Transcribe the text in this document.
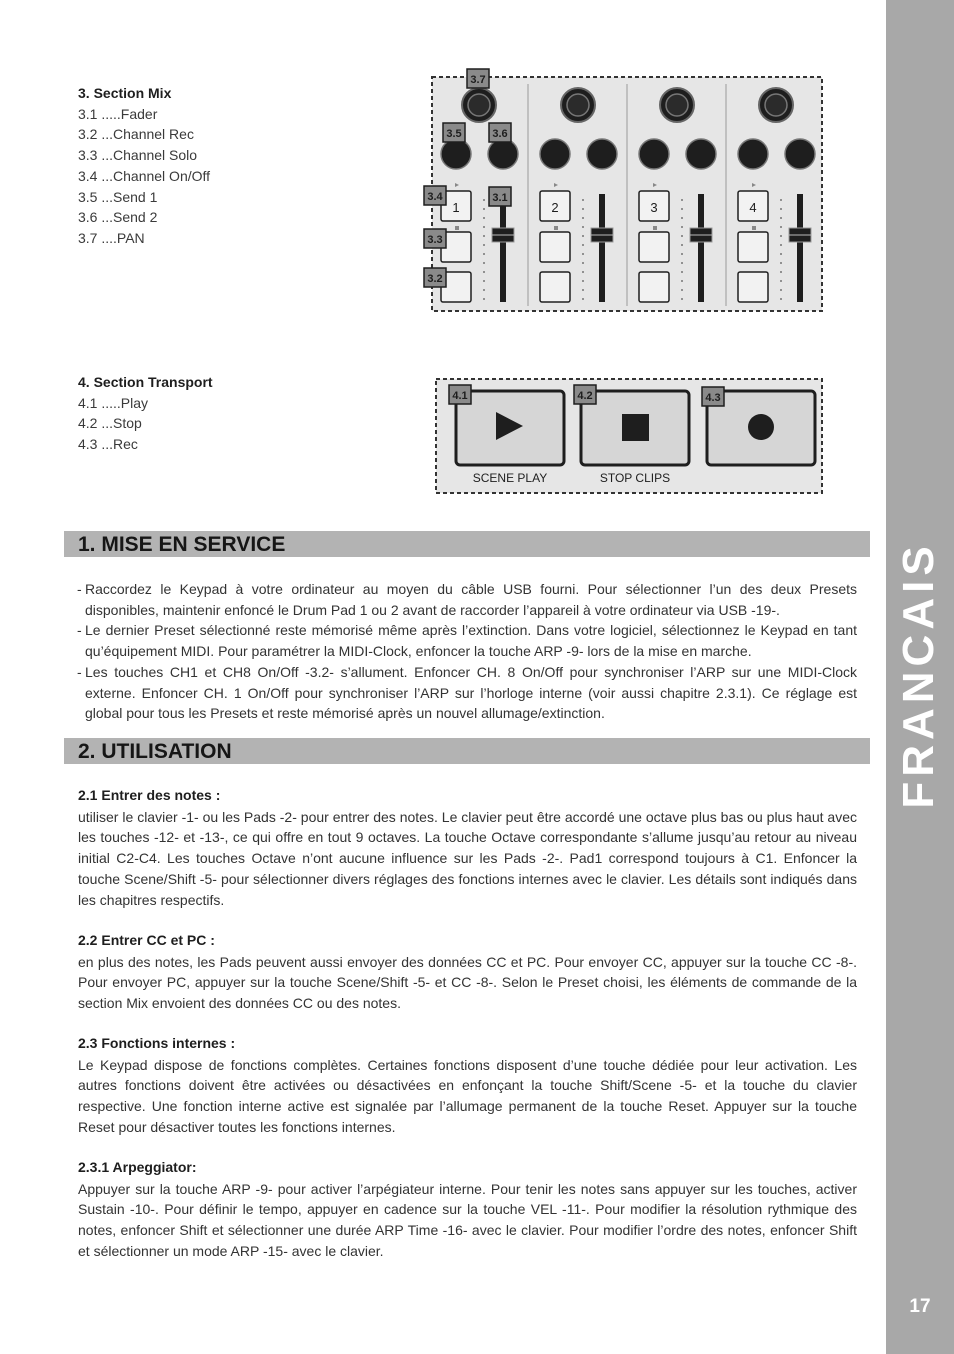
FRANCAIS
17
3. Section Mix
3.1 .....Fader
3.2 ...Channel Rec
3.3 ...Channel Solo
3.4 ...Channel On/Off
3.5 ...Send 1
3.6 ...Send 2
3.7 ....PAN
4. Section Transport
4.1 .....Play
4.2 ...Stop
4.3 ...Rec
1	2	3	4
3.7
3.5	3.6
3.4	3.1
3.3
3.2
4.1	4.2	4.3
SCENE PLAY	STOP CLIPS
1. MISE EN SERVICE
- Raccordez le Keypad à votre ordinateur au moyen du câble USB fourni. Pour sélectionner l’un des deux Presets disponibles, maintenir enfoncé le Drum Pad 1 ou 2 avant de raccorder l’appareil à votre ordinateur via USB -19-.
- Le dernier Preset sélectionné reste mémorisé même après l’extinction. Dans votre logiciel, sélectionnez le Keypad en tant qu’équipement MIDI. Pour paramétrer la MIDI-Clock, enfoncer la touche ARP -9- lors de la mise en marche.
- Les touches CH1 et CH8 On/Off -3.2- s’allument. Enfoncer CH. 8 On/Off pour synchroniser l’ARP sur une MIDI-Clock externe. Enfoncer CH. 1 On/Off pour synchroniser l’ARP sur l’horloge interne (voir aussi chapitre 2.3.1). Ce réglage est global pour tous les Presets et reste mémorisé après un nouvel allumage/extinction.
2. UTILISATION
2.1 Entrer des notes :
utiliser le clavier -1- ou les Pads -2- pour entrer des notes. Le clavier peut être accordé une octave plus bas ou plus haut avec les touches -12- et -13-, ce qui offre en tout 9 octaves. La touche Octave correspondante s’allume jusqu’au retour au niveau initial C2-C4. Les touches Octave n’ont aucune influence sur les Pads -2-. Pad1 correspond toujours à C1. Enfoncer la touche Scene/Shift -5- pour sélectionner divers réglages des fonctions internes avec le clavier. Les détails sont indiqués dans les chapitres respectifs.
2.2 Entrer CC et PC :
en plus des notes, les Pads peuvent aussi envoyer des données CC et PC. Pour envoyer CC, appuyer sur la touche CC -8-. Pour envoyer PC, appuyer sur la touche Scene/Shift -5- et CC -8-. Selon le Preset choisi, les éléments de commande de la section Mix envoient des données CC ou des notes.
2.3 Fonctions internes :
Le Keypad dispose de fonctions complètes. Certaines fonctions disposent d’une touche dédiée pour leur activation. Les autres fonctions doivent être activées ou désactivées en enfonçant la touche Shift/Scene -5- et la touche du clavier respective. Une fonction interne active est signalée par l’allumage permanent de la touche Reset. Appuyer sur la touche Reset pour désactiver toutes les fonctions internes.
2.3.1 Arpeggiator:
Appuyer sur la touche ARP -9- pour activer l’arpégiateur interne. Pour tenir les notes sans appuyer sur les touches, activer Sustain -10-. Pour définir le tempo, appuyer en cadence sur la touche VEL -11-. Pour modifier la résolution rythmique des notes, enfoncer Shift et sélectionner une durée ARP Time -16- avec le clavier. Pour modifier l’ordre des notes, enfoncer Shift et sélectionner un mode ARP -15- avec le clavier.
